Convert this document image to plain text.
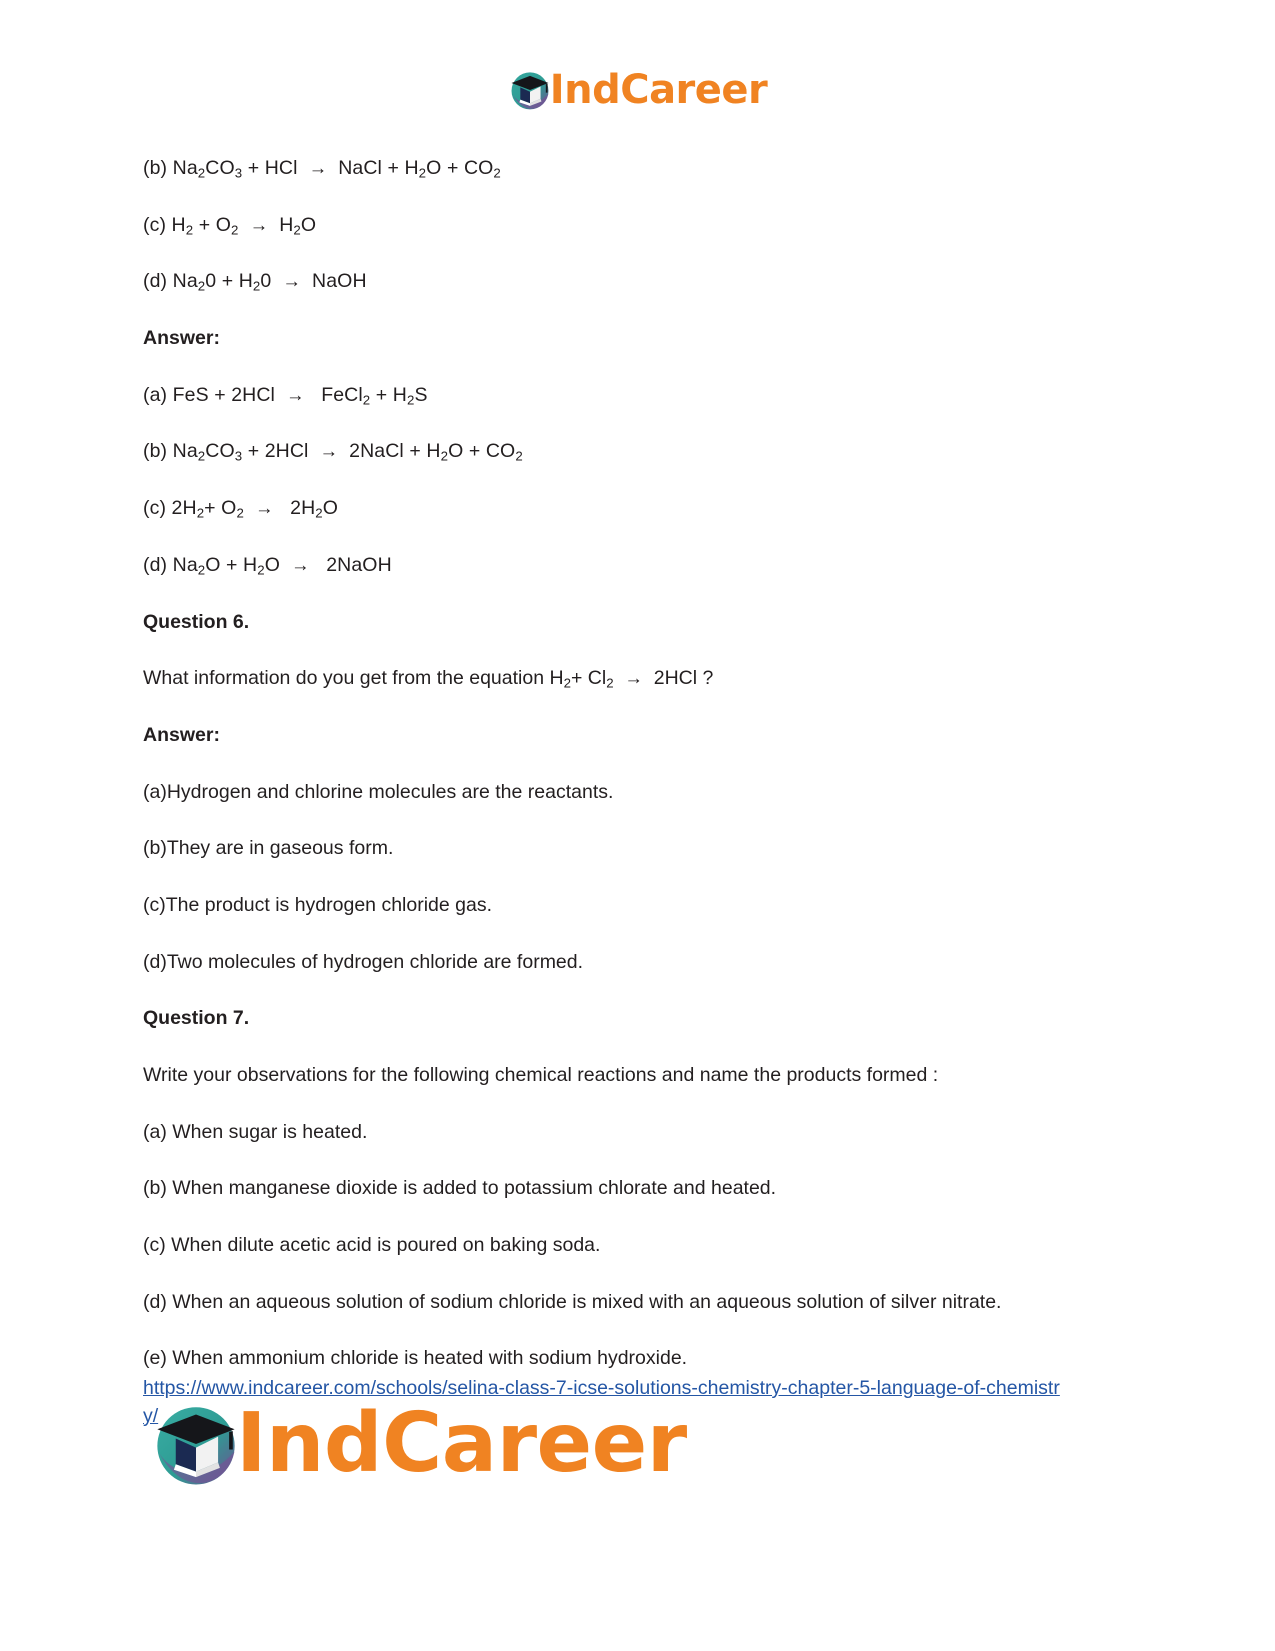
IndCareer

(b) $Na_2CO_3$ + HCl  →  NaCl + $H_2O + CO_2$

(c) $H_2 + O_2 \to H_2O$

(d) $Na_20 + H_20$  →  NaOH

Answer:

(a) FeS + 2HCl  →   FeCl$_2$ + $H_2S$

(b) $Na_2CO_3 + 2HCl$  →  2NaCl + $H_2O + CO_2$

(c) $2H_2+ O_2 \to 2H_2O$

(d) $Na_2O + H_2O$  →   2NaOH

Question 6.

What information do you get from the equation $H_2+ Cl_2 \to 2HCl$ ?

Answer:

(a)Hydrogen and chlorine molecules are the reactants.

(b)They are in gaseous form.

(c)The product is hydrogen chloride gas.

(d)Two molecules of hydrogen chloride are formed.

Question 7.

Write your observations for the following chemical reactions and name the products formed :

(a) When sugar is heated.

(b) When manganese dioxide is added to potassium chlorate and heated.

(c) When dilute acetic acid is poured on baking soda.

(d) When an aqueous solution of sodium chloride is mixed with an aqueous solution of silver nitrate.

(e) When ammonium chloride is heated with sodium hydroxide.

https://www.indcareer.com/schools/selina-class-7-icse-solutions-chemistry-chapter-5-language-of-chemistry/ IndCareer
